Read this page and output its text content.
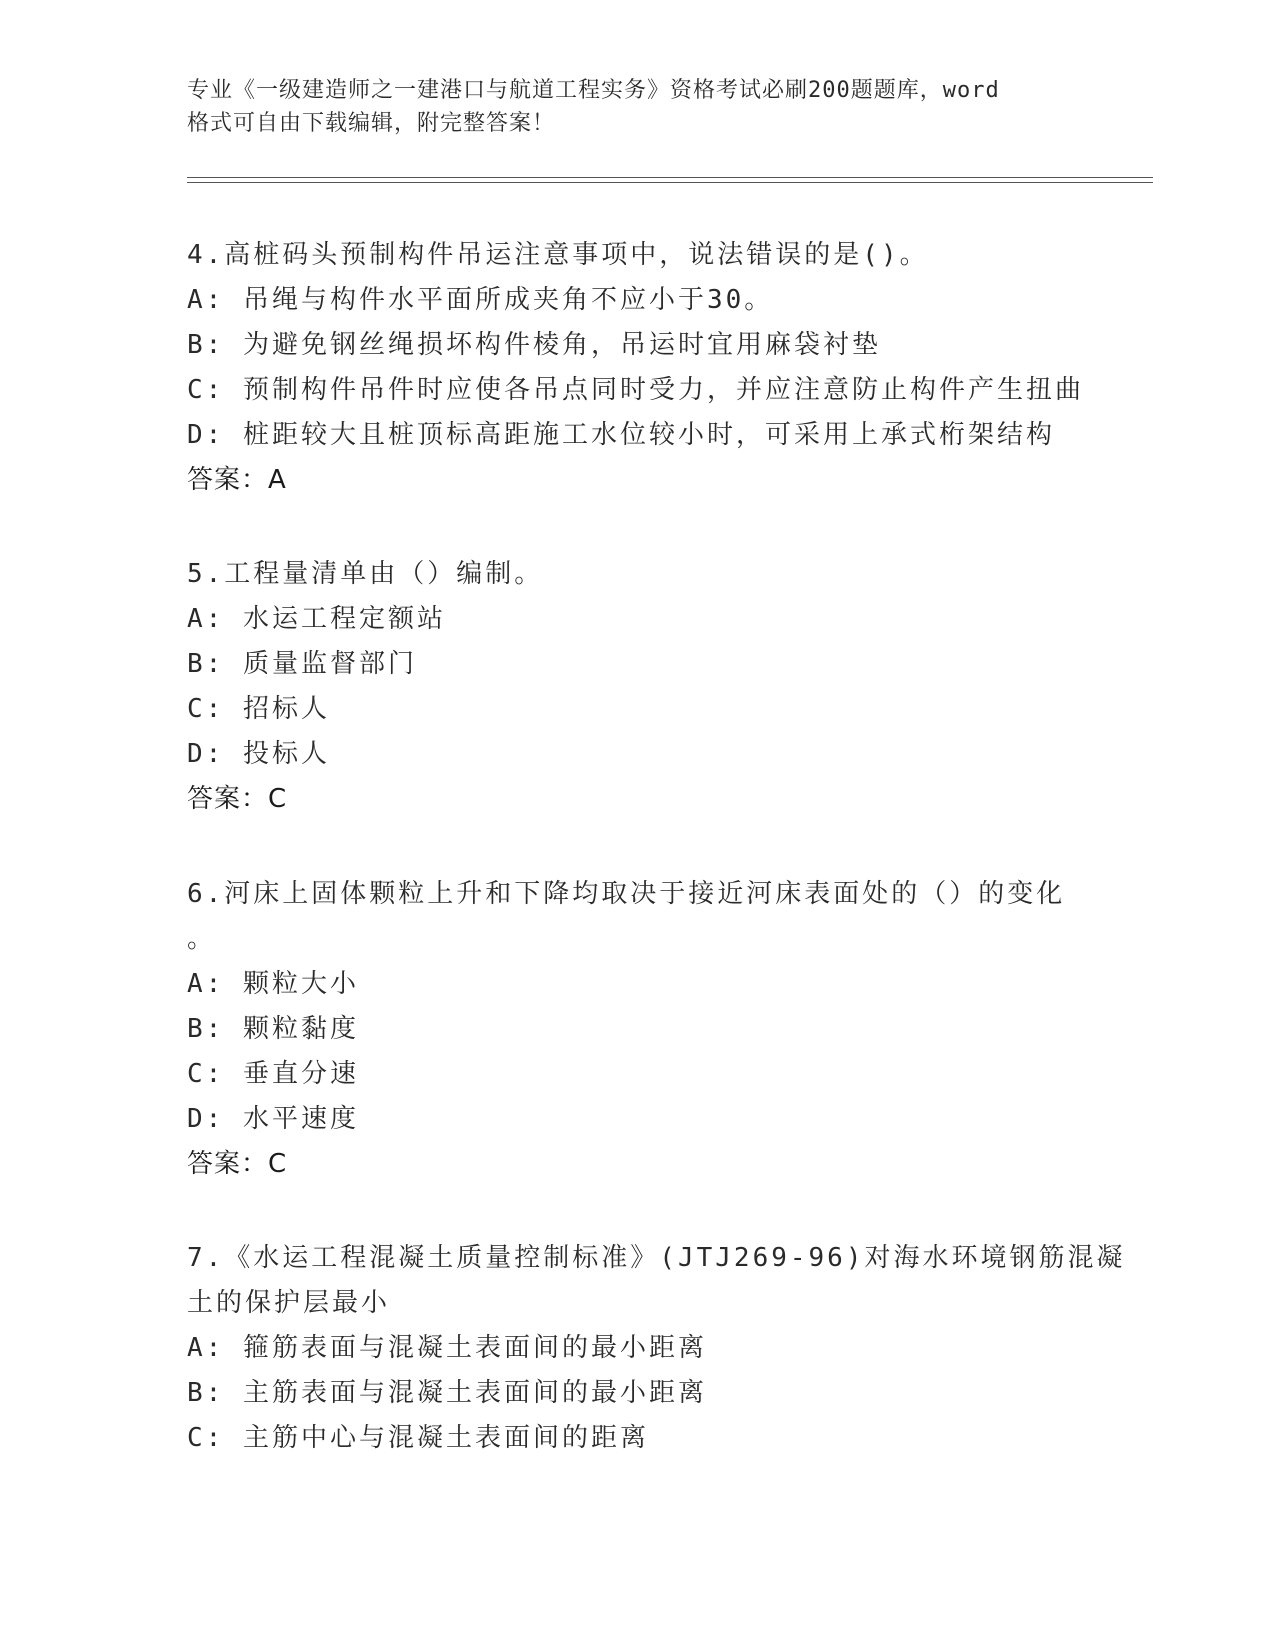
专业《一级建造师之一建港口与航道工程实务》资格考试必刷200题题库，word
格式可自由下载编辑，附完整答案！
4.高桩码头预制构件吊运注意事项中，说法错误的是()。
A: 吊绳与构件水平面所成夹角不应小于30。
B: 为避免钢丝绳损坏构件棱角，吊运时宜用麻袋衬垫
C: 预制构件吊件时应使各吊点同时受力，并应注意防止构件产生扭曲
D: 桩距较大且桩顶标高距施工水位较小时，可采用上承式桁架结构
答案：A
5.工程量清单由（）编制。
A: 水运工程定额站
B: 质量监督部门
C: 招标人
D: 投标人
答案：C
6.河床上固体颗粒上升和下降均取决于接近河床表面处的（）的变化
。
A: 颗粒大小
B: 颗粒黏度
C: 垂直分速
D: 水平速度
答案：C
7.《水运工程混凝土质量控制标准》(JTJ269-96)对海水环境钢筋混凝
土的保护层最小
A: 箍筋表面与混凝土表面间的最小距离
B: 主筋表面与混凝土表面间的最小距离
C: 主筋中心与混凝土表面间的距离
